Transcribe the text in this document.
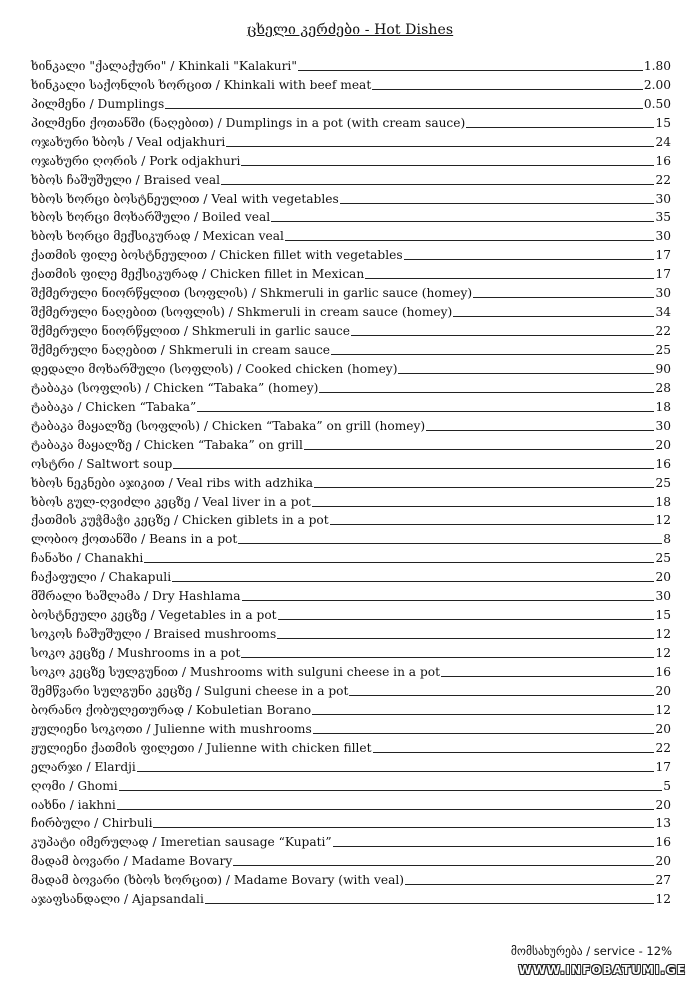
ცხელი კერძები - Hot Dishes
ხინკალი "ქალაქური" / Khinkali "Kalakuri"	1.80
ხინკალი საქონლის ხორცით / Khinkali with beef meat	2.00
პილმენი / Dumplings	0.50
პილმენი ქოთანში (ნაღებით) / Dumplings in a pot (with cream sauce)	15
ოჯახური ხბოს / Veal odjakhuri	24
ოჯახური ღორის / Pork odjakhuri	16
ხბოს ჩაშუშული / Braised veal	22
ხბოს ხორცი ბოსტნეულით / Veal with vegetables	30
ხბოს ხორცი მოხარშული / Boiled veal	35
ხბოს ხორცი მექსიკურად / Mexican veal	30
ქათმის ფილე ბოსტნეულით / Chicken fillet with vegetables	17
ქათმის ფილე მექსიკურად / Chicken fillet in Mexican	17
შქმერული ნიორწყლით (სოფლის) / Shkmeruli in garlic sauce (homey)	30
შქმერული ნაღებით (სოფლის) / Shkmeruli in cream sauce (homey)	34
შქმერული ნიორწყლით / Shkmeruli in garlic sauce	22
შქმერული ნაღებით / Shkmeruli in cream sauce	25
დედალი მოხარშული (სოფლის) / Cooked chicken (homey)	90
ტაბაკა (სოფლის) / Chicken “Tabaka” (homey)	28
ტაბაკა / Chicken “Tabaka”	18
ტაბაკა მაყალზე (სოფლის) / Chicken “Tabaka” on grill (homey)	30
ტაბაკა მაყალზე / Chicken “Tabaka” on grill	20
ოსტრი / Saltwort soup	16
ხბოს ნეკნები აჯიკით / Veal ribs with adzhika	25
ხბოს გულ-ღვიძლი კეცზე / Veal liver in a pot	18
ქათმის კუჭმაჭი კეცზე / Chicken giblets in a pot	12
ლობიო ქოთანში / Beans in a pot	8
ჩანახი / Chanakhi	25
ჩაქაფული / Chakapuli	20
მშრალი ხაშლამა / Dry Hashlama	30
ბოსტნეული კეცზე / Vegetables in a pot	15
სოკოს ჩაშუშული / Braised mushrooms	12
სოკო კეცზე / Mushrooms in a pot	12
სოკო კეცზე სულგუნით / Mushrooms with sulguni cheese in a pot	16
შემწვარი სულგუნი კეცზე / Sulguni cheese in a pot	20
ბორანო ქობულეთურად / Kobuletian Borano	12
ჟულიენი სოკოთი / Julienne with mushrooms	20
ჟულიენი ქათმის ფილეთი / Julienne with chicken fillet	22
ელარჯი / Elardji	17
ღომი / Ghomi	5
იახნი / iakhni	20
ჩირბული / Chirbuli	13
კუპატი იმერულად / Imeretian sausage “Kupati”	16
მადამ ბოვარი / Madame Bovary	20
მადამ ბოვარი (ხბოს ხორცით) / Madame Bovary (with veal)	27
აჯაფსანდალი / Ajapsandali	12
მომსახურება / service - 12%
WWW.INFOBATUMI.GE
